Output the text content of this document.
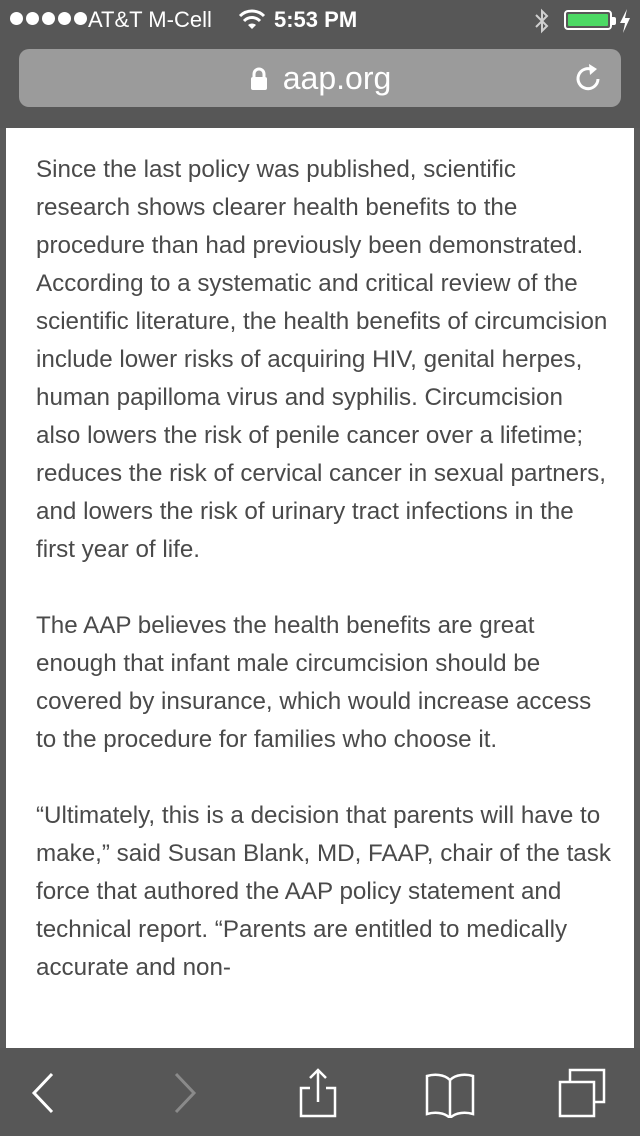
AT&T M-Cell	5:53 PM
aap.org

Since the last policy was published, scientific research shows clearer health benefits to the procedure than had previously been demonstrated. According to a systematic and critical review of the scientific literature, the health benefits of circumcision include lower risks of acquiring HIV, genital herpes, human papilloma virus and syphilis. Circumcision also lowers the risk of penile cancer over a lifetime; reduces the risk of cervical cancer in sexual partners, and lowers the risk of urinary tract infections in the first year of life.

The AAP believes the health benefits are great enough that infant male circumcision should be covered by insurance, which would increase access to the procedure for families who choose it.

“Ultimately, this is a decision that parents will have to make,” said Susan Blank, MD, FAAP, chair of the task force that authored the AAP policy statement and technical report. “Parents are entitled to medically accurate and non-
